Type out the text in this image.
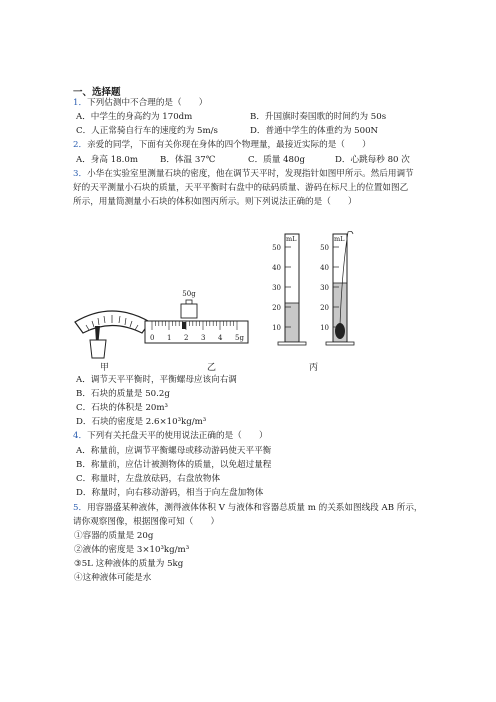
一、选择题
1．下列估测中不合理的是（　　）
A．中学生的身高约为 170dm	B．升国旗时奏国歌的时间约为 50s
C．人正常骑自行车的速度约为 5m/s	D．普通中学生的体重约为 500N
2．亲爱的同学，下面有关你现在身体的四个物理量，最接近实际的是（　　）
A．身高 18.0m	B．体温 37℃	C．质量 480g	D．心跳每秒 80 次
3．小华在实验室里测量石块的密度，他在调节天平时，发现指针如图甲所示。然后用调节
好的天平测量小石块的质量，天平平衡时右盘中的砝码质量、游码在标尺上的位置如图乙
所示，用量筒测量小石块的体积如图丙所示。则下列说法正确的是（　　）
50g
0 1 2 3 4 5g
mL
50
40
30
20
10
mL
50
40
30
20
10
甲	乙	丙
A．调节天平平衡时，平衡螺母应该向右调
B．石块的质量是 50.2g
C．石块的体积是 20m³
D．石块的密度是 2.6×10³kg/m³
4．下列有关托盘天平的使用说法正确的是（　　）
A．称量前，应调节平衡螺母或移动游码使天平平衡
B．称量前，应估计被测物体的质量，以免超过量程
C．称量时，左盘放砝码，右盘放物体
D．称量时，向右移动游码，相当于向左盘加物体
5．用容器盛某种液体，测得液体体积 V 与液体和容器总质量 m 的关系如图线段 AB 所示，
请你观察图像，根据图像可知（　　）
①容器的质量是 20g
②液体的密度是 3×10³kg/m³
③5L 这种液体的质量为 5kg
④这种液体可能是水
